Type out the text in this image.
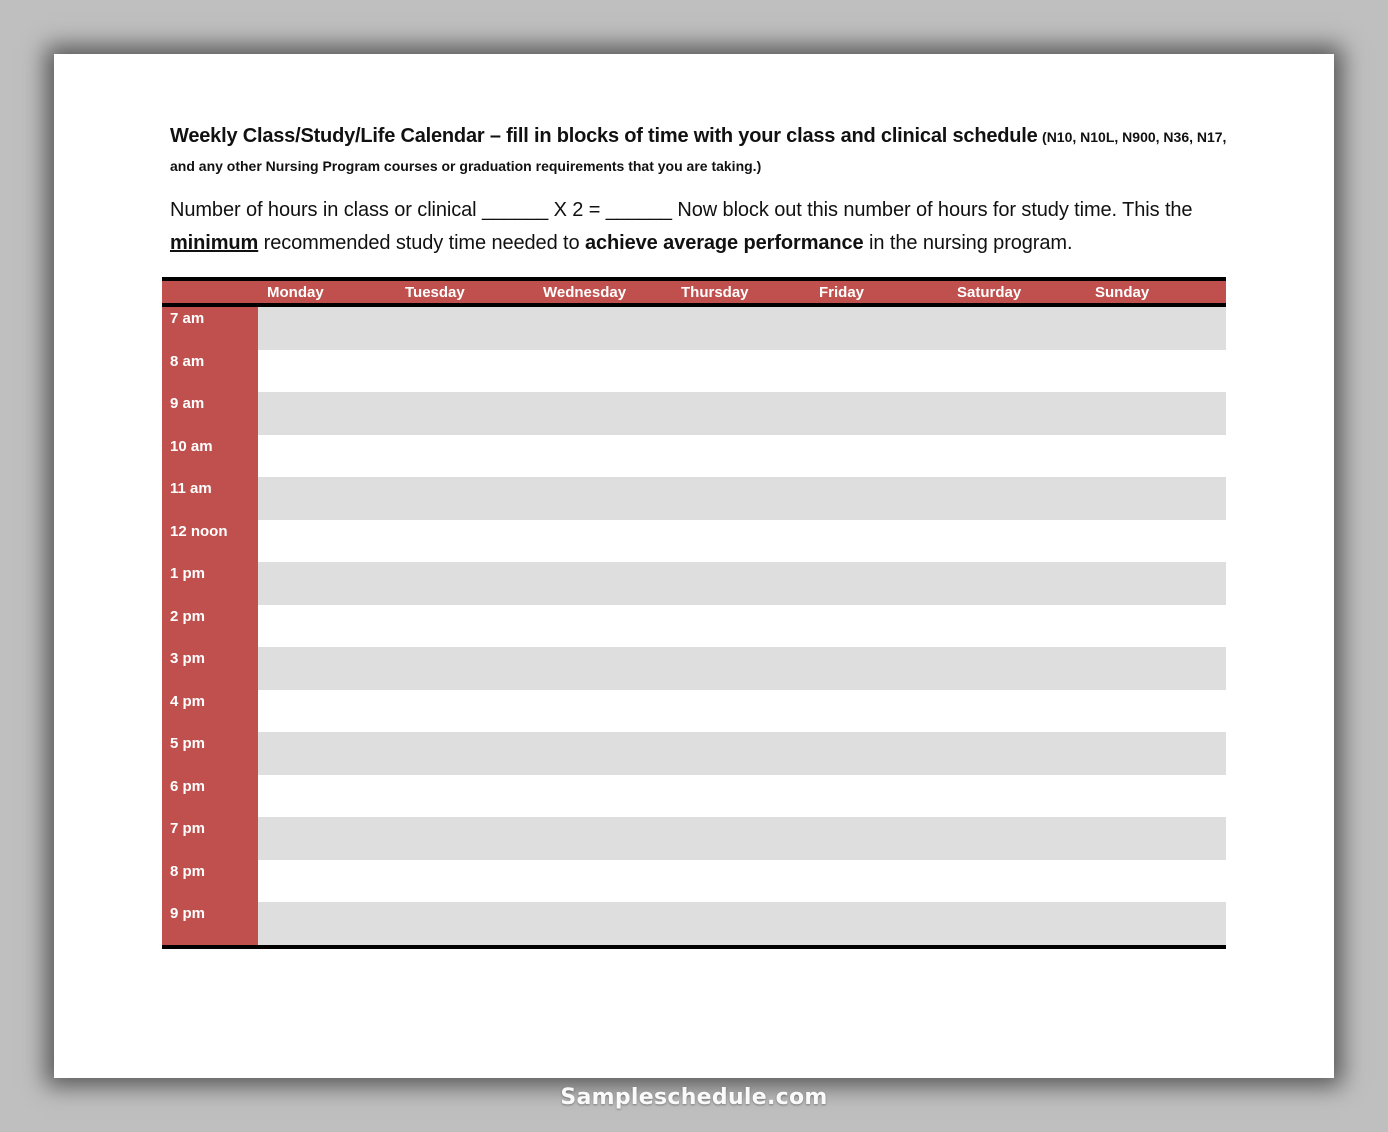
Weekly Class/Study/Life Calendar – fill in blocks of time with your class and clinical schedule (N10, N10L, N900, N36, N17, and any other Nursing Program courses or graduation requirements that you are taking.)
Number of hours in class or clinical ______ X 2 = ______ Now block out this number of hours for study time. This the minimum recommended study time needed to achieve average performance in the nursing program.
Monday	Tuesday	Wednesday	Thursday	Friday	Saturday	Sunday
7 am
8 am
9 am
10 am
11 am
12 noon
1 pm
2 pm
3 pm
4 pm
5 pm
6 pm
7 pm
8 pm
9 pm
Sampleschedule.com
